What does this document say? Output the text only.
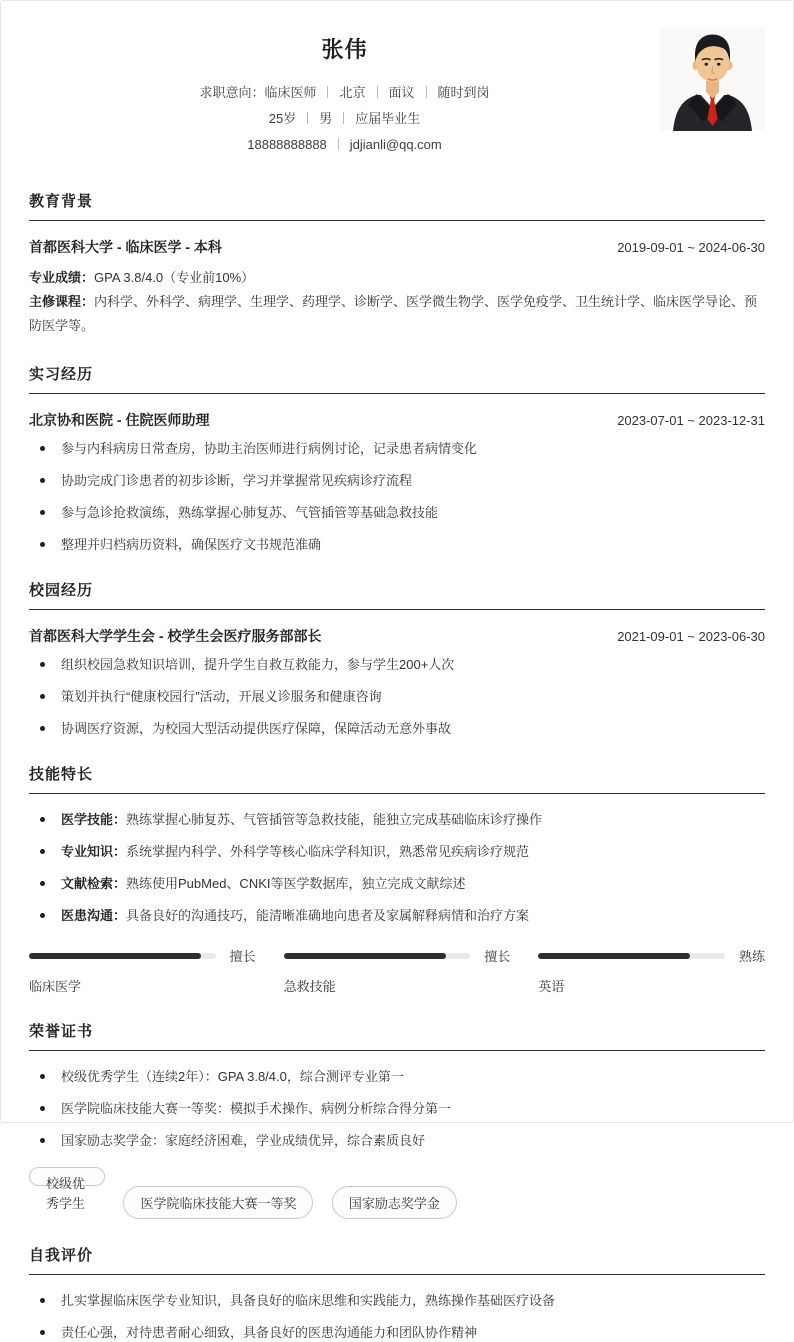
张伟
求职意向：临床医师 北京 面议 随时到岗
25岁 男 应届毕业生
18888888888 jdjianli@qq.com
教育背景
首都医科大学 - 临床医学 - 本科	2019-09-01 ~ 2024-06-30
专业成绩：GPA 3.8/4.0（专业前10%）
主修课程：内科学、外科学、病理学、生理学、药理学、诊断学、医学微生物学、医学免疫学、卫生统计学、临床医学导论、预防医学等。
实习经历
北京协和医院 - 住院医师助理	2023-07-01 ~ 2023-12-31
参与内科病房日常查房，协助主治医师进行病例讨论，记录患者病情变化
协助完成门诊患者的初步诊断，学习并掌握常见疾病诊疗流程
参与急诊抢救演练，熟练掌握心肺复苏、气管插管等基础急救技能
整理并归档病历资料，确保医疗文书规范准确
校园经历
首都医科大学学生会 - 校学生会医疗服务部部长	2021-09-01 ~ 2023-06-30
组织校园急救知识培训，提升学生自救互救能力，参与学生200+人次
策划并执行“健康校园行”活动，开展义诊服务和健康咨询
协调医疗资源，为校园大型活动提供医疗保障，保障活动无意外事故
技能特长
医学技能：熟练掌握心肺复苏、气管插管等急救技能，能独立完成基础临床诊疗操作
专业知识：系统掌握内科学、外科学等核心临床学科知识，熟悉常见疾病诊疗规范
文献检索：熟练使用PubMed、CNKI等医学数据库，独立完成文献综述
医患沟通：具备良好的沟通技巧，能清晰准确地向患者及家属解释病情和治疗方案
擅长
临床医学
擅长
急救技能
熟练
英语
荣誉证书
校级优秀学生（连续2年）：GPA 3.8/4.0，综合测评专业第一
医学院临床技能大赛一等奖：模拟手术操作、病例分析综合得分第一
国家励志奖学金：家庭经济困难，学业成绩优异，综合素质良好
校级优秀学生	医学院临床技能大赛一等奖	国家励志奖学金
自我评价
扎实掌握临床医学专业知识，具备良好的临床思维和实践能力，熟练操作基础医疗设备
责任心强，对待患者耐心细致，具备良好的医患沟通能力和团队协作精神
